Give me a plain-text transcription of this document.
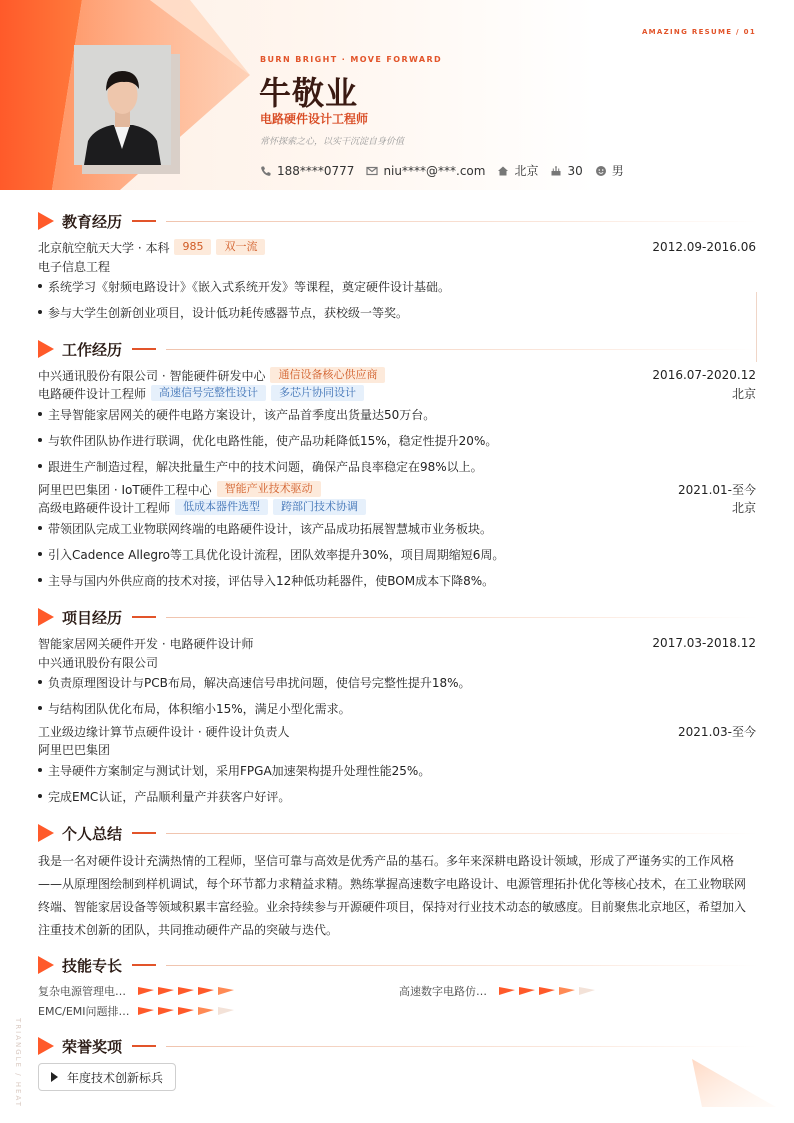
AMAZING RESUME / 01
BURN BRIGHT · MOVE FORWARD
牛敬业
电路硬件设计工程师
常怀探索之心，以实干沉淀自身价值
188****0777 niu****@***.com 北京 30 男
教育经历
北京航空航天大学 · 本科	985	双一流	2012.09-2016.06
电子信息工程
系统学习《射频电路设计》《嵌入式系统开发》等课程，奠定硬件设计基础。
参与大学生创新创业项目，设计低功耗传感器节点，获校级一等奖。
工作经历
中兴通讯股份有限公司 · 智能硬件研发中心	通信设备核心供应商	2016.07-2020.12
电路硬件设计工程师	高速信号完整性设计	多芯片协同设计	北京
主导智能家居网关的硬件电路方案设计，该产品首季度出货量达50万台。
与软件团队协作进行联调，优化电路性能，使产品功耗降低15%，稳定性提升20%。
跟进生产制造过程，解决批量生产中的技术问题，确保产品良率稳定在98%以上。
阿里巴巴集团 · IoT硬件工程中心	智能产业技术驱动	2021.01-至今
高级电路硬件设计工程师	低成本器件选型	跨部门技术协调	北京
带领团队完成工业物联网终端的电路硬件设计，该产品成功拓展智慧城市业务板块。
引入Cadence Allegro等工具优化设计流程，团队效率提升30%，项目周期缩短6周。
主导与国内外供应商的技术对接，评估导入12种低功耗器件，使BOM成本下降8%。
项目经历
智能家居网关硬件开发 · 电路硬件设计师	2017.03-2018.12
中兴通讯股份有限公司
负责原理图设计与PCB布局，解决高速信号串扰问题，使信号完整性提升18%。
与结构团队优化布局，体积缩小15%，满足小型化需求。
工业级边缘计算节点硬件设计 · 硬件设计负责人	2021.03-至今
阿里巴巴集团
主导硬件方案制定与测试计划，采用FPGA加速架构提升处理性能25%。
完成EMC认证，产品顺利量产并获客户好评。
个人总结
我是一名对硬件设计充满热情的工程师，坚信可靠与高效是优秀产品的基石。多年来深耕电路设计领域，形成了严谨务实的工作风格——从原理图绘制到样机调试，每个环节都力求精益求精。熟练掌握高速数字电路设计、电源管理拓扑优化等核心技术，在工业物联网终端、智能家居设备等领域积累丰富经验。业余持续参与开源硬件项目，保持对行业技术动态的敏感度。目前聚焦北京地区，希望加入注重技术创新的团队，共同推动硬件产品的突破与迭代。
技能专长
复杂电源管理电…	高速数字电路仿…
EMC/EMI问题排…
荣誉奖项
年度技术创新标兵
TRIANGLE / HEAT
